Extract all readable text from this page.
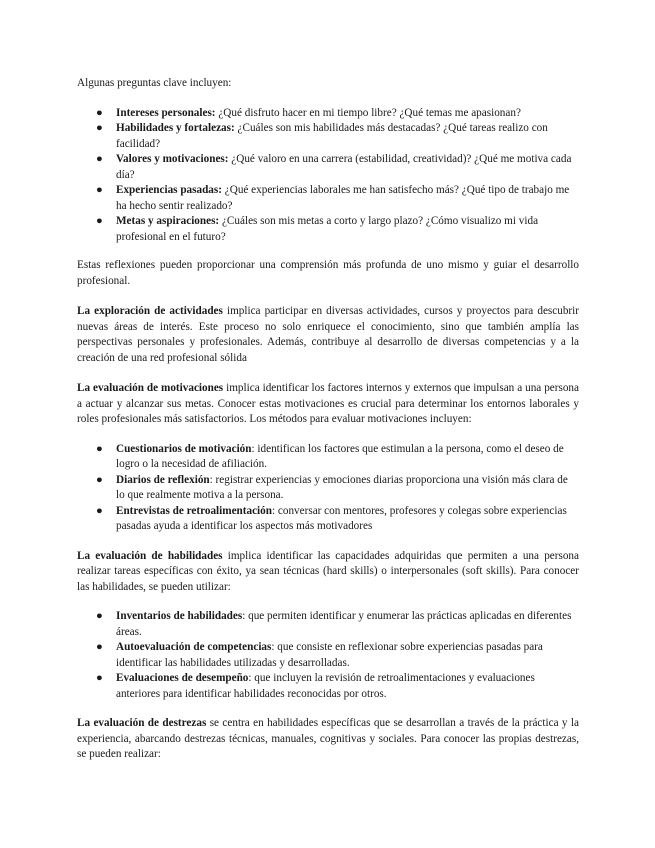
Algunas preguntas clave incluyen:

● Intereses personales: ¿Qué disfruto hacer en mi tiempo libre? ¿Qué temas me apasionan?
● Habilidades y fortalezas: ¿Cuáles son mis habilidades más destacadas? ¿Qué tareas realizo con facilidad?
● Valores y motivaciones: ¿Qué valoro en una carrera (estabilidad, creatividad)? ¿Qué me motiva cada día?
● Experiencias pasadas: ¿Qué experiencias laborales me han satisfecho más? ¿Qué tipo de trabajo me ha hecho sentir realizado?
● Metas y aspiraciones: ¿Cuáles son mis metas a corto y largo plazo? ¿Cómo visualizo mi vida profesional en el futuro?

Estas reflexiones pueden proporcionar una comprensión más profunda de uno mismo y guiar el desarrollo profesional.

La exploración de actividades implica participar en diversas actividades, cursos y proyectos para descubrir nuevas áreas de interés. Este proceso no solo enriquece el conocimiento, sino que también amplía las perspectivas personales y profesionales. Además, contribuye al desarrollo de diversas competencias y a la creación de una red profesional sólida

La evaluación de motivaciones implica identificar los factores internos y externos que impulsan a una persona a actuar y alcanzar sus metas. Conocer estas motivaciones es crucial para determinar los entornos laborales y roles profesionales más satisfactorios. Los métodos para evaluar motivaciones incluyen:

● Cuestionarios de motivación: identifican los factores que estimulan a la persona, como el deseo de logro o la necesidad de afiliación.
● Diarios de reflexión: registrar experiencias y emociones diarias proporciona una visión más clara de lo que realmente motiva a la persona.
● Entrevistas de retroalimentación: conversar con mentores, profesores y colegas sobre experiencias pasadas ayuda a identificar los aspectos más motivadores

La evaluación de habilidades implica identificar las capacidades adquiridas que permiten a una persona realizar tareas específicas con éxito, ya sean técnicas (hard skills) o interpersonales (soft skills). Para conocer las habilidades, se pueden utilizar:

● Inventarios de habilidades: que permiten identificar y enumerar las prácticas aplicadas en diferentes áreas.
● Autoevaluación de competencias: que consiste en reflexionar sobre experiencias pasadas para identificar las habilidades utilizadas y desarrolladas.
● Evaluaciones de desempeño: que incluyen la revisión de retroalimentaciones y evaluaciones anteriores para identificar habilidades reconocidas por otros.

La evaluación de destrezas se centra en habilidades específicas que se desarrollan a través de la práctica y la experiencia, abarcando destrezas técnicas, manuales, cognitivas y sociales. Para conocer las propias destrezas, se pueden realizar:
